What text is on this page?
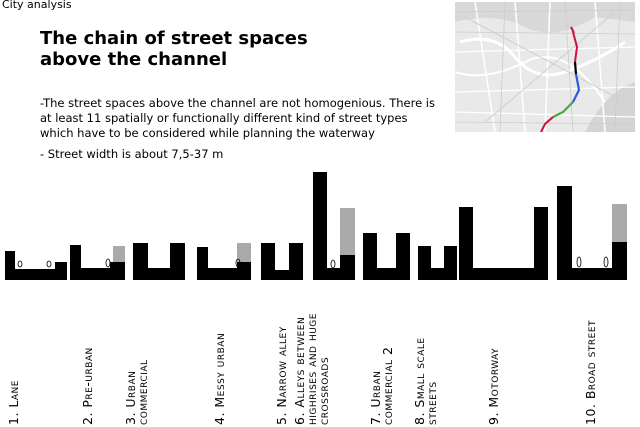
City analysis
The chain of street spaces
above the channel

-The street spaces above the channel are not homogenious. There is at least 11 spatially or functionally different kind of street types which have to be considered while planning the waterway

- Street width is about 7,5-37 m

1. Lane	2. Pre-urban 3. Urban
commercial	4. Messy urban	5. Narrow alley 6. Alleys between
highrises and huge
crossroads	7. Urban
commercial 2 8. Small scale
streets	9. Motorway	10. Broad street
